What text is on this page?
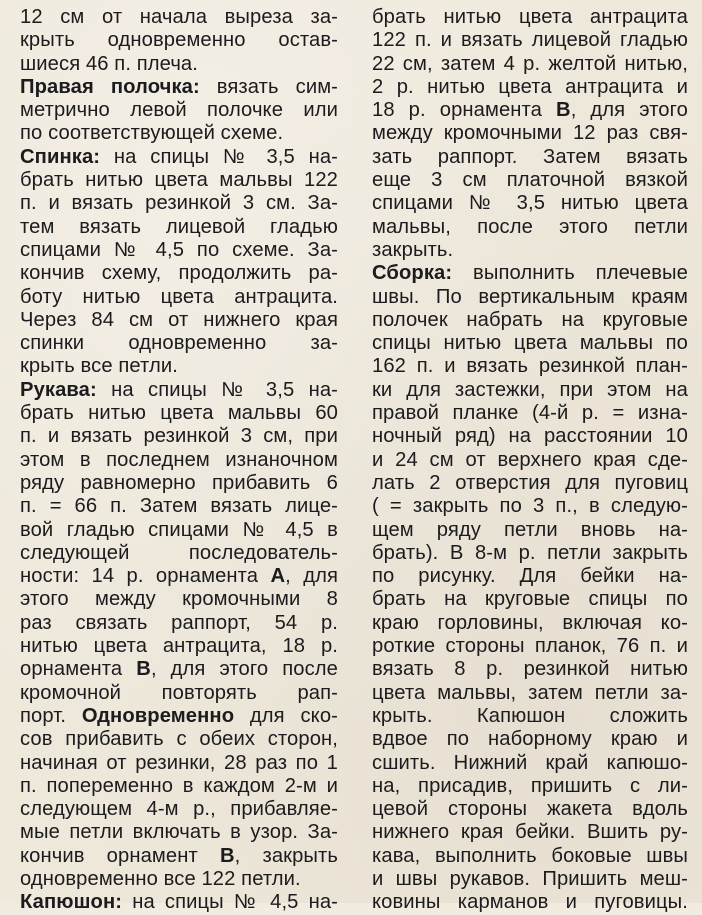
12 см от начала выреза за-
крыть одновременно остав-
шиеся 46 п. плеча.
Правая полочка: вязать сим-
метрично левой полочке или
по соответствующей схеме.
Спинка: на спицы № 3,5 на-
брать нитью цвета мальвы 122
п. и вязать резинкой 3 см. За-
тем вязать лицевой гладью
спицами № 4,5 по схеме. За-
кончив схему, продолжить ра-
боту нитью цвета антрацита.
Через 84 см от нижнего края
спинки одновременно за-
крыть все петли.
Рукава: на спицы № 3,5 на-
брать нитью цвета мальвы 60
п. и вязать резинкой 3 см, при
этом в последнем изнаночном
ряду равномерно прибавить 6
п. = 66 п. Затем вязать лице-
вой гладью спицами № 4,5 в
следующей последователь-
ности: 14 р. орнамента А, для
этого между кромочными 8
раз связать раппорт, 54 р.
нитью цвета антрацита, 18 р.
орнамента В, для этого после
кромочной повторять рап-
порт. Одновременно для ско-
сов прибавить с обеих сторон,
начиная от резинки, 28 раз по 1
п. попеременно в каждом 2-м и
следующем 4-м р., прибавляе-
мые петли включать в узор. За-
кончив орнамент В, закрыть
одновременно все 122 петли.
Капюшон: на спицы № 4,5 на-
брать нитью цвета антрацита
122 п. и вязать лицевой гладью
22 см, затем 4 р. желтой нитью,
2 р. нитью цвета антрацита и
18 р. орнамента В, для этого
между кромочными 12 раз свя-
зать раппорт. Затем вязать
еще 3 см платочной вязкой
спицами № 3,5 нитью цвета
мальвы, после этого петли
закрыть.
Сборка: выполнить плечевые
швы. По вертикальным краям
полочек набрать на круговые
спицы нитью цвета мальвы по
162 п. и вязать резинкой план-
ки для застежки, при этом на
правой планке (4-й р. = изна-
ночный ряд) на расстоянии 10
и 24 см от верхнего края сде-
лать 2 отверстия для пуговиц
( = закрыть по 3 п., в следую-
щем ряду петли вновь на-
брать). В 8-м р. петли закрыть
по рисунку. Для бейки на-
брать на круговые спицы по
краю горловины, включая ко-
роткие стороны планок, 76 п. и
вязать 8 р. резинкой нитью
цвета мальвы, затем петли за-
крыть. Капюшон сложить
вдвое по наборному краю и
сшить. Нижний край капюшо-
на, присадив, пришить с ли-
цевой стороны жакета вдоль
нижнего края бейки. Вшить ру-
кава, выполнить боковые швы
и швы рукавов. Пришить меш-
ковины карманов и пуговицы.
